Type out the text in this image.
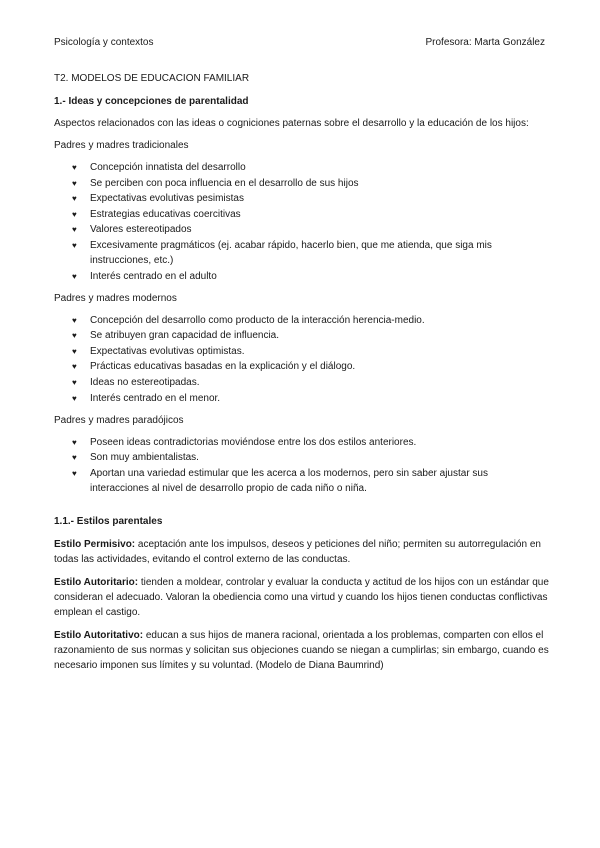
Psicología y contextos	Profesora: Marta González
T2. MODELOS DE EDUCACION FAMILIAR
1.- Ideas y concepciones de parentalidad
Aspectos relacionados con las ideas o cogniciones paternas sobre el desarrollo y la educación de los hijos:
Padres y madres tradicionales
♥ Concepción innatista del desarrollo
♥ Se perciben con poca influencia en el desarrollo de sus hijos
♥ Expectativas evolutivas pesimistas
♥ Estrategias educativas coercitivas
♥ Valores estereotipados
♥ Excesivamente pragmáticos (ej. acabar rápido, hacerlo bien, que me atienda, que siga mis instrucciones, etc.)
♥ Interés centrado en el adulto
Padres y madres modernos
♥ Concepción del desarrollo como producto de la interacción herencia-medio.
♥ Se atribuyen gran capacidad de influencia.
♥ Expectativas evolutivas optimistas.
♥ Prácticas educativas basadas en la explicación y el diálogo.
♥ Ideas no estereotipadas.
♥ Interés centrado en el menor.
Padres y madres paradójicos
♥ Poseen ideas contradictorias moviéndose entre los dos estilos anteriores.
♥ Son muy ambientalistas.
♥ Aportan una variedad estimular que les acerca a los modernos, pero sin saber ajustar sus interacciones al nivel de desarrollo propio de cada niño o niña.
1.1.- Estilos parentales
Estilo Permisivo: aceptación ante los impulsos, deseos y peticiones del niño; permiten su autorregulación en todas las actividades, evitando el control externo de las conductas.
Estilo Autoritario: tienden a moldear, controlar y evaluar la conducta y actitud de los hijos con un estándar que consideran el adecuado. Valoran la obediencia como una virtud y cuando los hijos tienen conductas conflictivas emplean el castigo.
Estilo Autoritativo: educan a sus hijos de manera racional, orientada a los problemas, comparten con ellos el razonamiento de sus normas y solicitan sus objeciones cuando se niegan a cumplirlas; sin embargo, cuando es necesario imponen sus límites y su voluntad. (Modelo de Diana Baumrind)
